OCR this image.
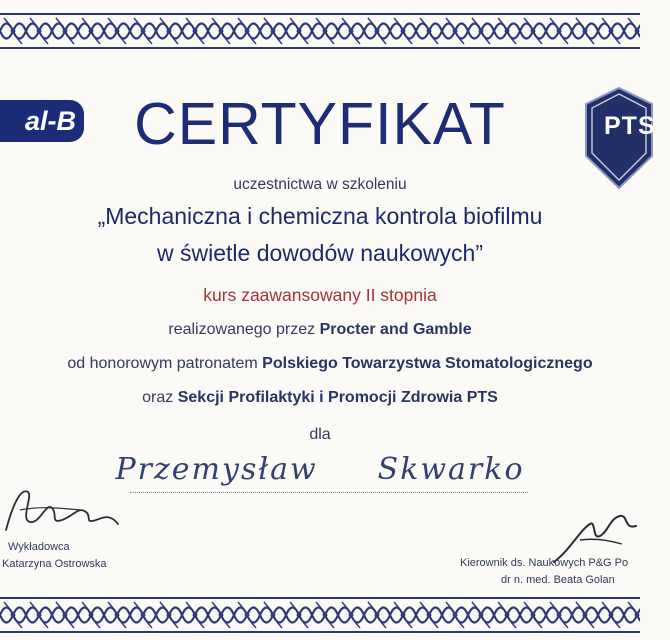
al-B	PTS
CERTYFIKAT
uczestnictwa w szkoleniu
„Mechaniczna i chemiczna kontrola biofilmu
w świetle dowodów naukowych”
kurs zaawansowany II stopnia
realizowanego przez Procter and Gamble
od honorowym patronatem Polskiego Towarzystwa Stomatologicznego
oraz Sekcji Profilaktyki i Promocji Zdrowia PTS
dla
Przemysław Skwarko
Wykładowca
Katarzyna Ostrowska	Kierownik ds. Naukowych P&G Po
dr n. med. Beata Golan
